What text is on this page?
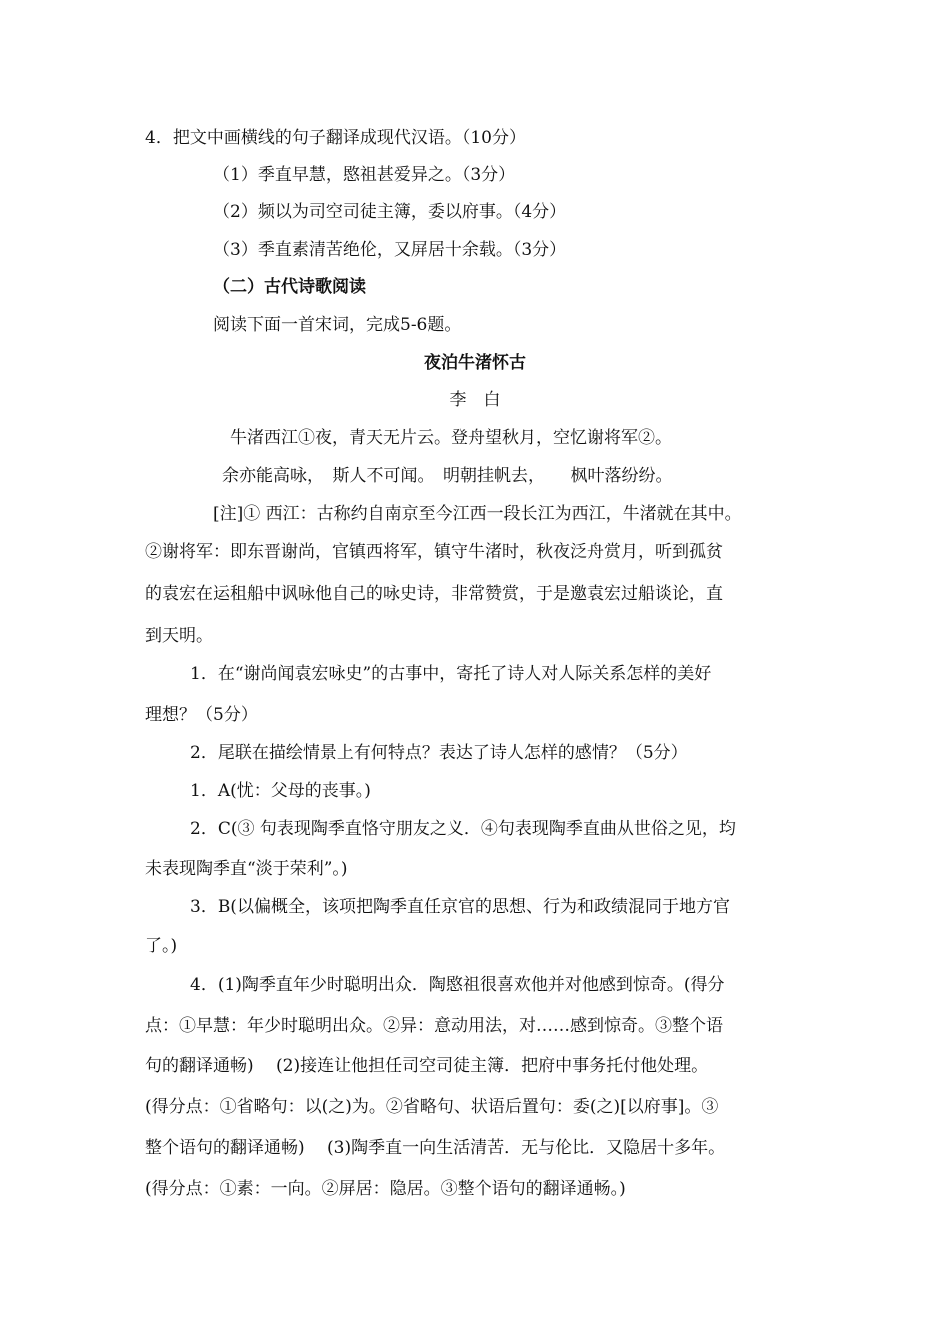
4．把文中画横线的句子翻译成现代汉语。（10分）
（1）季直早慧，愍祖甚爱异之。（3分）
（2）频以为司空司徒主簿，委以府事。（4分）
（3）季直素清苦绝伦，又屏居十余载。（3分）
（二）古代诗歌阅读
阅读下面一首宋词，完成5-6题。
夜泊牛渚怀古
李　白
牛渚西江①夜，青天无片云。登舟望秋月，空忆谢将军②。
余亦能高咏，　斯人不可闻。　明朝挂帆去，　　枫叶落纷纷。
[注]① 西江：古称约自南京至今江西一段长江为西江，牛渚就在其中。
②谢将军：即东晋谢尚，官镇西将军，镇守牛渚时，秋夜泛舟赏月，听到孤贫
的袁宏在运租船中讽咏他自己的咏史诗，非常赞赏，于是邀袁宏过船谈论，直
到天明。
1．在“谢尚闻袁宏咏史”的古事中，寄托了诗人对人际关系怎样的美好
理想？（5分）
2．尾联在描绘情景上有何特点？表达了诗人怎样的感情？（5分）
1．A(忧：父母的丧事。)
2．C(③ 句表现陶季直恪守朋友之义．④句表现陶季直曲从世俗之见，均
未表现陶季直“淡于荣利”。)
3．B(以偏概全，该项把陶季直任京官的思想、行为和政绩混同于地方官
了。)
4．(1)陶季直年少时聪明出众．陶愍祖很喜欢他并对他感到惊奇。(得分
点：①早慧：年少时聪明出众。②异：意动用法，对……感到惊奇。③整个语
句的翻译通畅)　 (2)接连让他担任司空司徒主簿．把府中事务托付他处理。
(得分点：①省略句：以(之)为。②省略句、状语后置句：委(之)[以府事]。③
整个语句的翻译通畅)　 (3)陶季直一向生活清苦．无与伦比．又隐居十多年。
(得分点：①素：一向。②屏居：隐居。③整个语句的翻译通畅。)
